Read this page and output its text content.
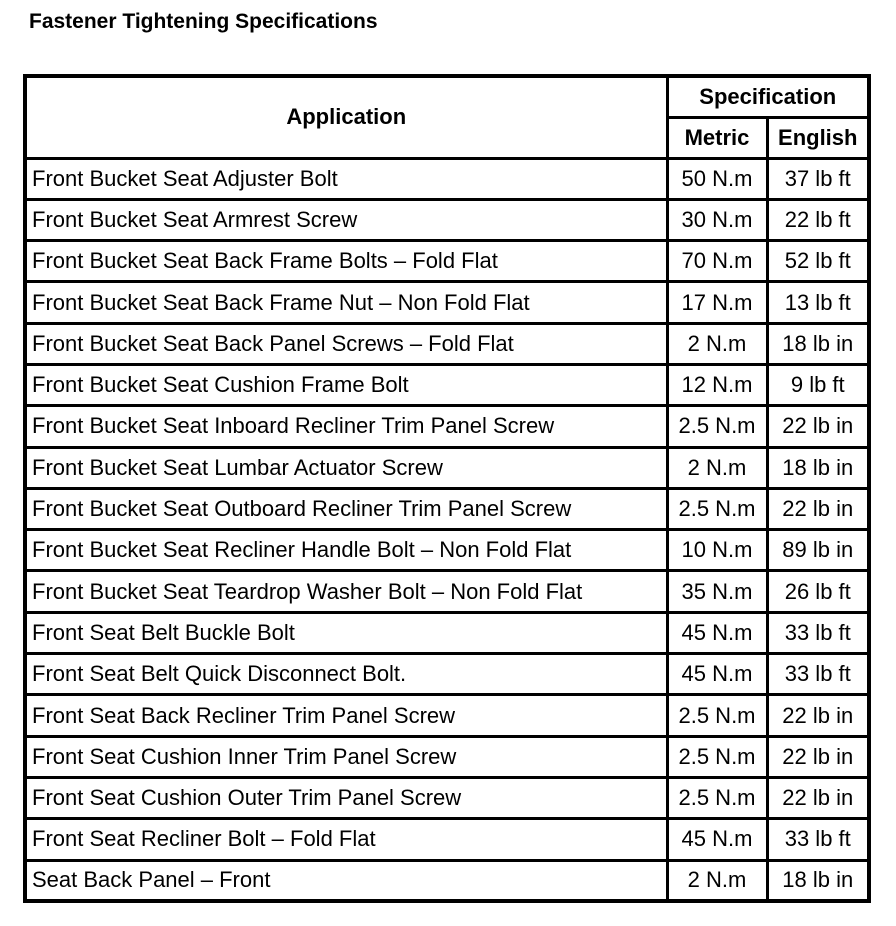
Fastener Tightening Specifications
Application	Specification	
	Metric	English
Front Bucket Seat Adjuster Bolt	50 N.m	37 lb ft
Front Bucket Seat Armrest Screw	30 N.m	22 lb ft
Front Bucket Seat Back Frame Bolts – Fold Flat	70 N.m	52 lb ft
Front Bucket Seat Back Frame Nut – Non Fold Flat	17 N.m	13 lb ft
Front Bucket Seat Back Panel Screws – Fold Flat	2 N.m	18 lb in
Front Bucket Seat Cushion Frame Bolt	12 N.m	9 lb ft
Front Bucket Seat Inboard Recliner Trim Panel Screw	2.5 N.m	22 lb in
Front Bucket Seat Lumbar Actuator Screw	2 N.m	18 lb in
Front Bucket Seat Outboard Recliner Trim Panel Screw	2.5 N.m	22 lb in
Front Bucket Seat Recliner Handle Bolt – Non Fold Flat	10 N.m	89 lb in
Front Bucket Seat Teardrop Washer Bolt – Non Fold Flat	35 N.m	26 lb ft
Front Seat Belt Buckle Bolt	45 N.m	33 lb ft
Front Seat Belt Quick Disconnect Bolt.	45 N.m	33 lb ft
Front Seat Back Recliner Trim Panel Screw	2.5 N.m	22 lb in
Front Seat Cushion Inner Trim Panel Screw	2.5 N.m	22 lb in
Front Seat Cushion Outer Trim Panel Screw	2.5 N.m	22 lb in
Front Seat Recliner Bolt – Fold Flat	45 N.m	33 lb ft
Seat Back Panel – Front	2 N.m	18 lb in
